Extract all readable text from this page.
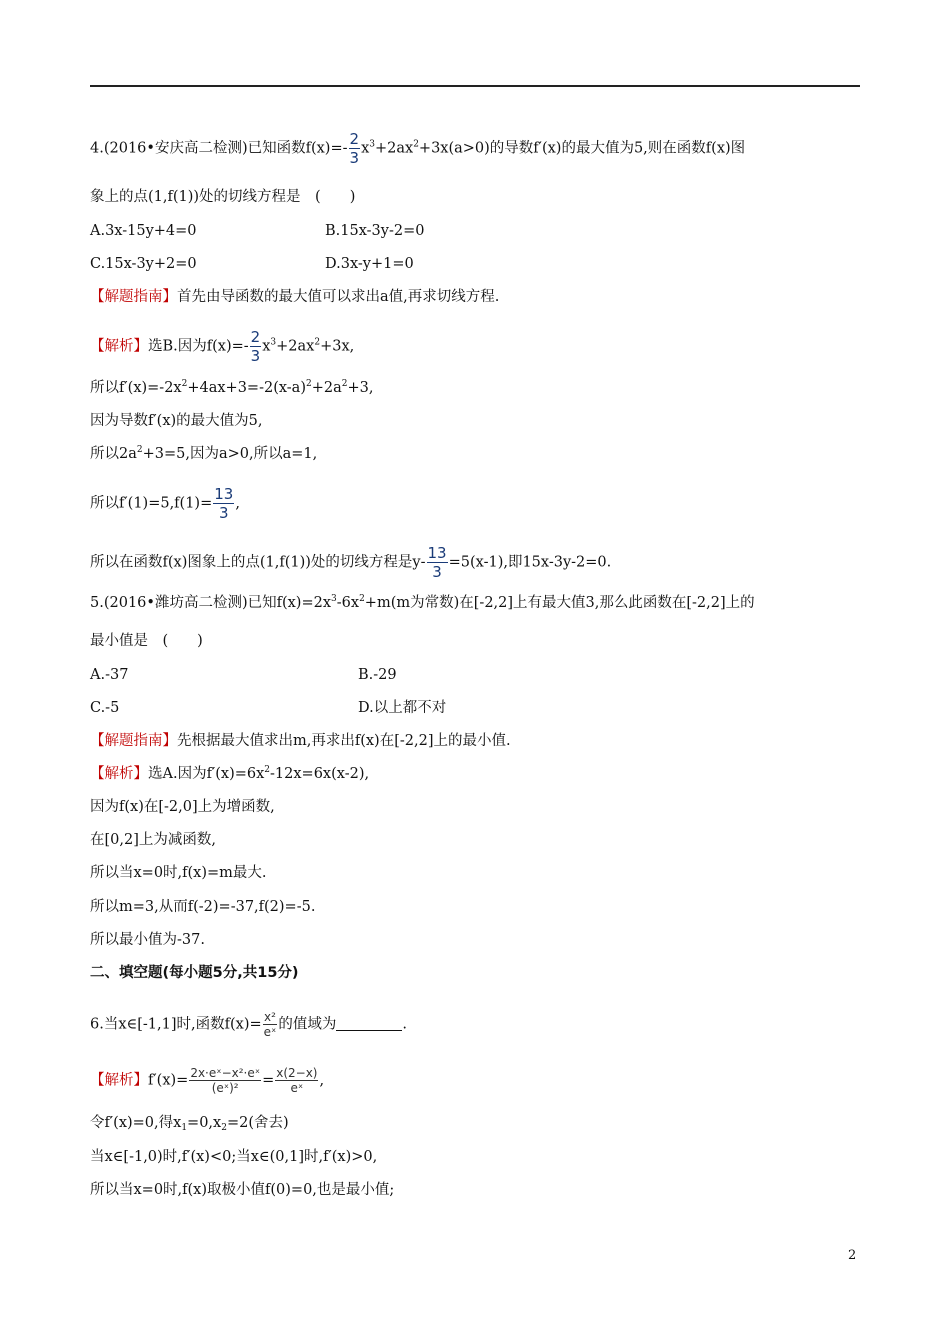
4.(2016•安庆高二检测)已知函数$f(x)=- \frac{2}{3} x^3+2ax^2+3x(a>0)$的导数f′(x)的最大值为5,则在函数f(x)图
象上的点(1,f(1))处的切线方程是　(　　)
A.3x-15y+4=0	B.15x-3y-2=0
C.15x-3y+2=0	D.3x-y+1=0
【解题指南】首先由导函数的最大值可以求出a值,再求切线方程.
【解析】选B.因为$f(x)=- \frac{2}{3} x^3+2ax^2+3x$,
所以$f'(x)=-2x^2+4ax+3=-2(x-a)^2+2a^2+3$,
因为导数f′(x)的最大值为5,
所以$2a^2+3=5$,因为a>0,所以a=1,
所以$f'(1)=5,f(1)= \frac{13}{3}$ ,
所以在函数f(x)图象上的点(1,f(1))处的切线方程是$y- \frac{13}{3} =5(x-1)$,即15x-3y-2=0.
5.(2016•潍坊高二检测)已知$f(x)=2x^3-6x^2+m(m$为常数)在[-2,2]上有最大值3,那么此函数在[-2,2]上的
最小值是　(　　)
A.-37	B.-29
C.-5	D.以上都不对
【解题指南】先根据最大值求出m,再求出f(x)在[-2,2]上的最小值.
【解析】选A.因为$f'(x)=6x^2-12x=6x(x-2)$,
因为f(x)在[-2,0]上为增函数,
在[0,2]上为减函数,
所以当x=0时,f(x)=m最大.
所以m=3,从而f(-2)=-37,f(2)=-5.
所以最小值为-37.
二、填空题(每小题5分,共15分)
6.当x∈[-1,1]时,函数$f(x)= \frac{\text{x²}}{\text{eˣ}}$ 的值域为	.
【解析】$f'(x)= \frac{\text{2x·eˣ−x²·eˣ}}{\text{(eˣ)²}} = \frac{x(2-x)}{\text{eˣ}}$ ,
令f′(x)=0,得$x_1=0,x_2=2$(舍去)
当x∈[-1,0)时,f′(x)<0;当x∈(0,1]时,f′(x)>0,
所以当x=0时,f(x)取极小值f(0)=0,也是最小值;
2
